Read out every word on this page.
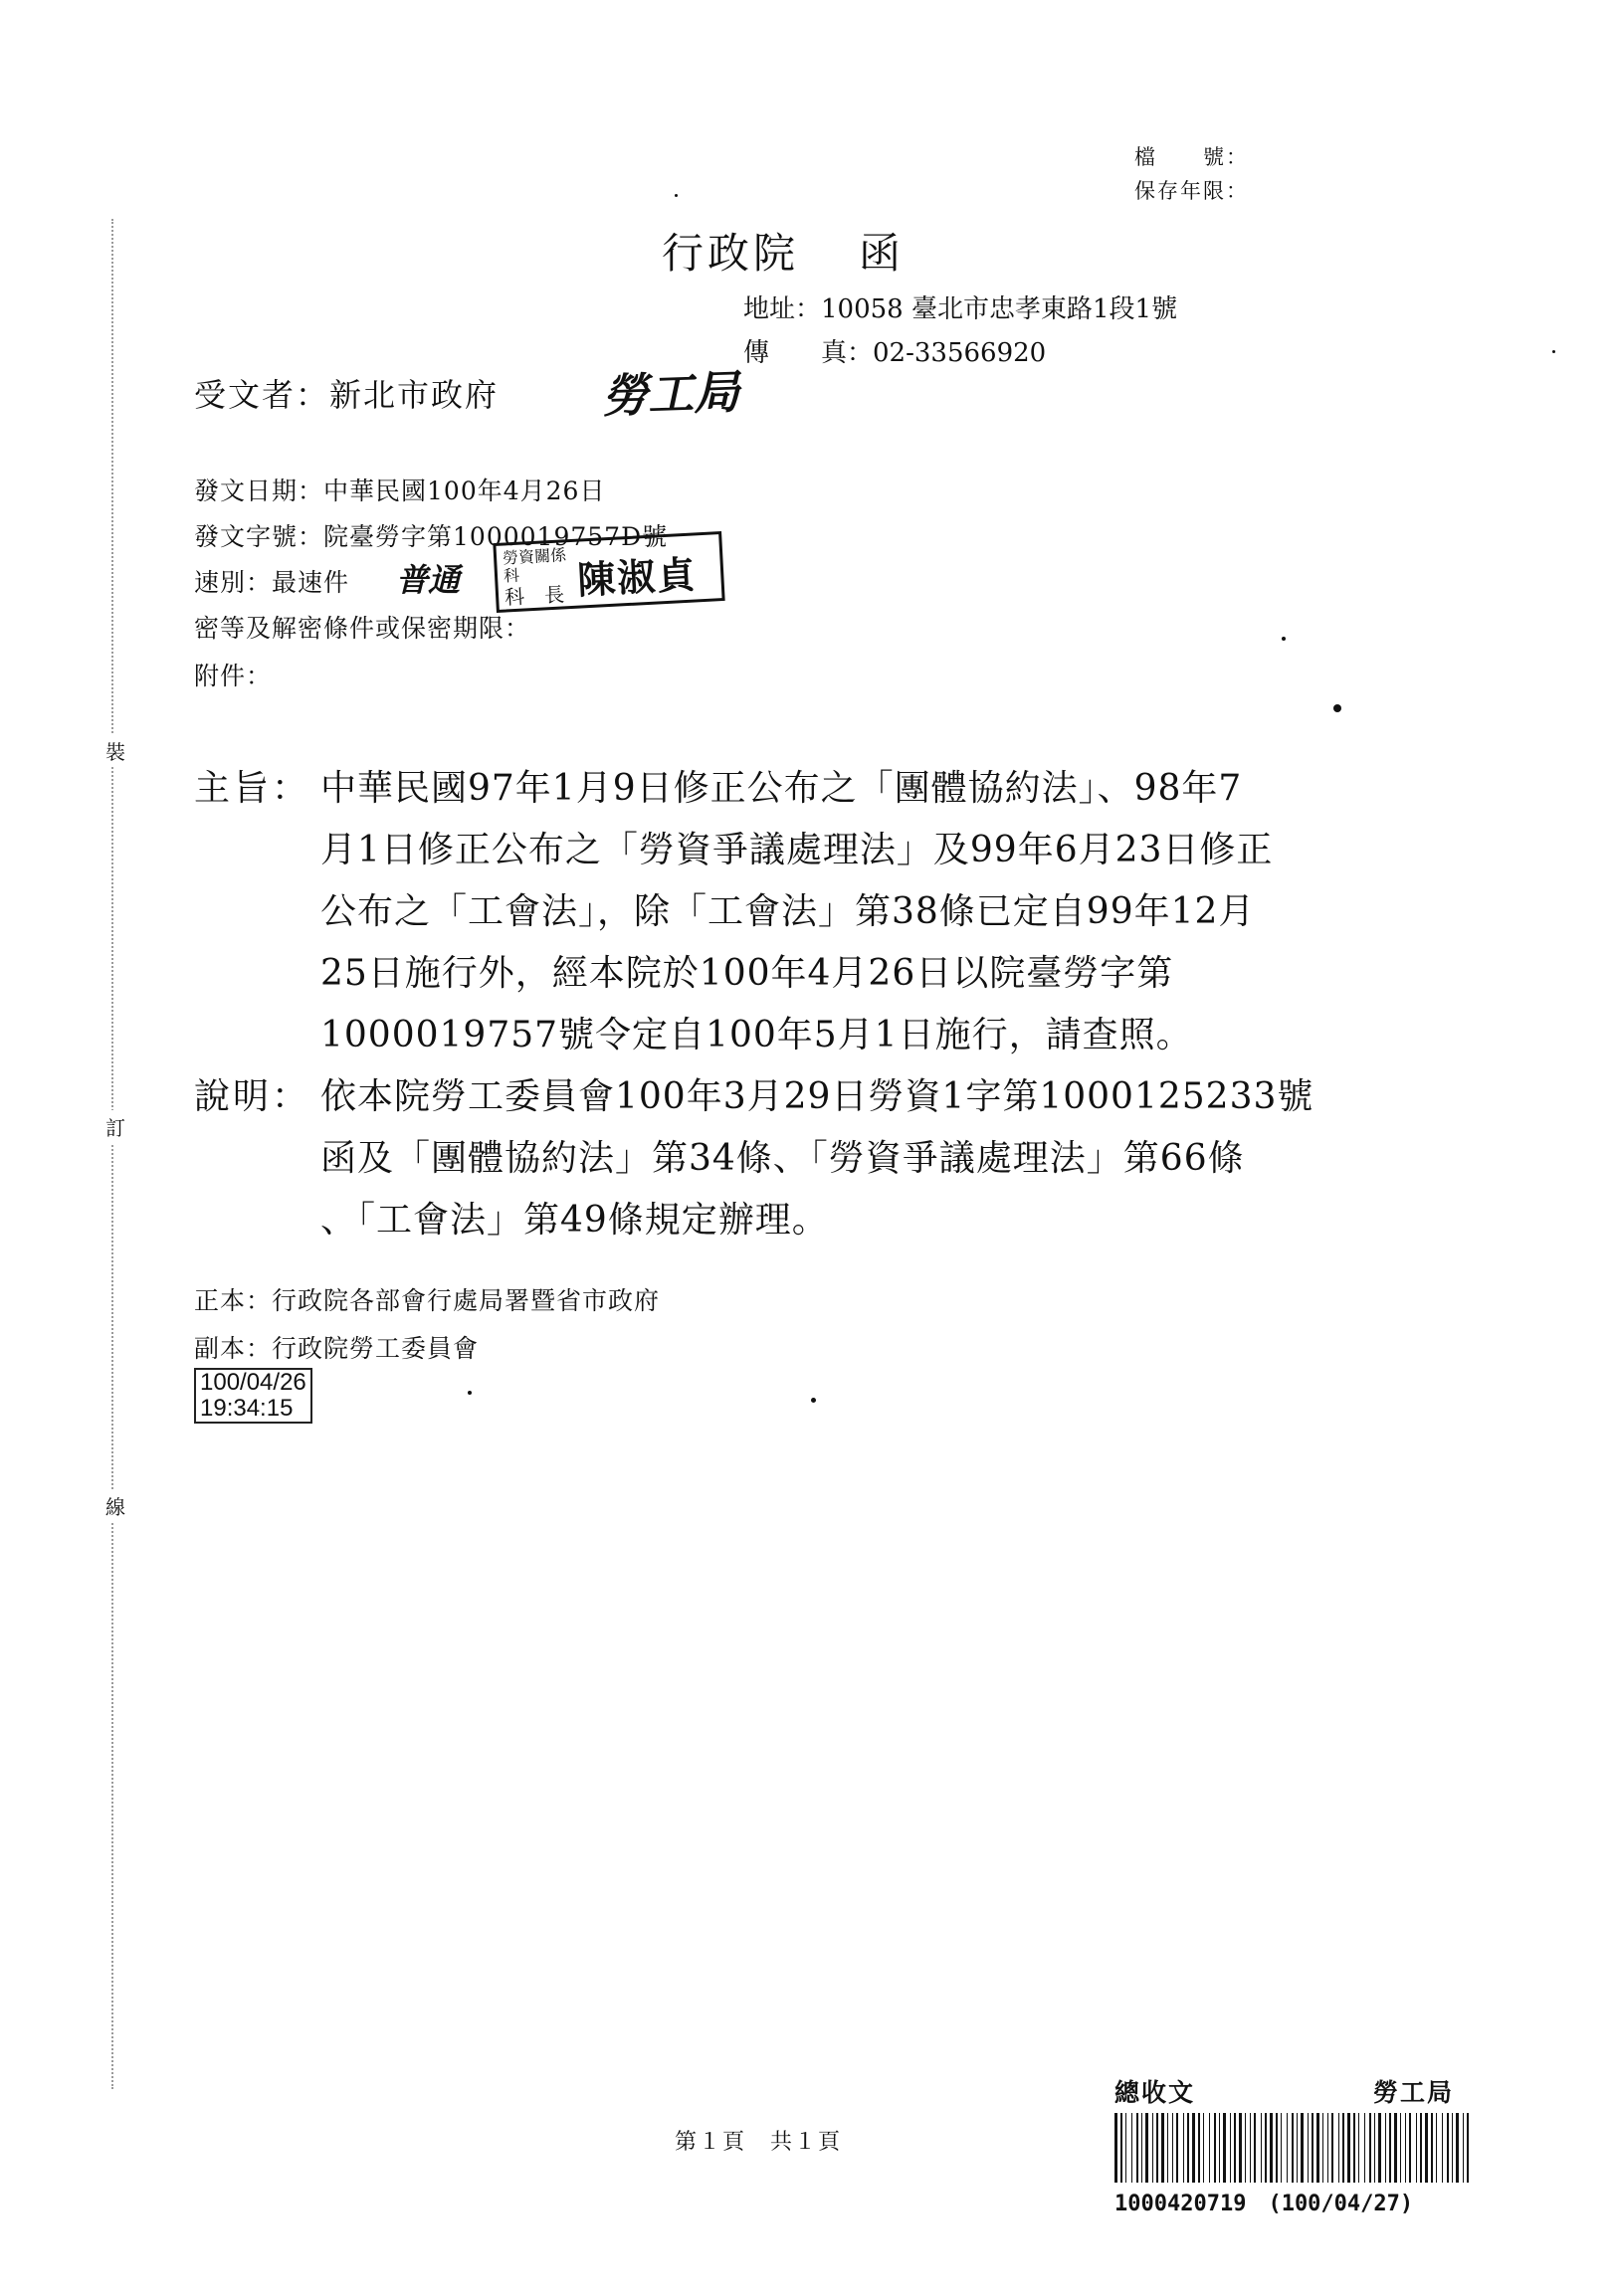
裝
訂
線
檔　　號：
保存年限：
行政院 函
地址：10058 臺北市忠孝東路1段1號
傳　　真：02-33566920
受文者：新北市政府 勞工局
發文日期：中華民國100年4月26日
發文字號：院臺勞字第1000019757D號
速別：最速件 普通
勞資關係科
科　長 陳淑貞
密等及解密條件或保密期限：
附件：
主旨： 中華民國97年1月9日修正公布之「團體協約法」、98年7
月1日修正公布之「勞資爭議處理法」及99年6月23日修正
公布之「工會法」，除「工會法」第38條已定自99年12月
25日施行外，經本院於100年4月26日以院臺勞字第
1000019757號令定自100年5月1日施行，請查照。
說明： 依本院勞工委員會100年3月29日勞資1字第1000125233號
函及「團體協約法」第34條、「勞資爭議處理法」第66條
、「工會法」第49條規定辦理。
正本：行政院各部會行處局署暨省市政府
副本：行政院勞工委員會
100/04/26
19:34:15
第１頁　共１頁
總收文	勞工局
1000420719　(100/04/27)
